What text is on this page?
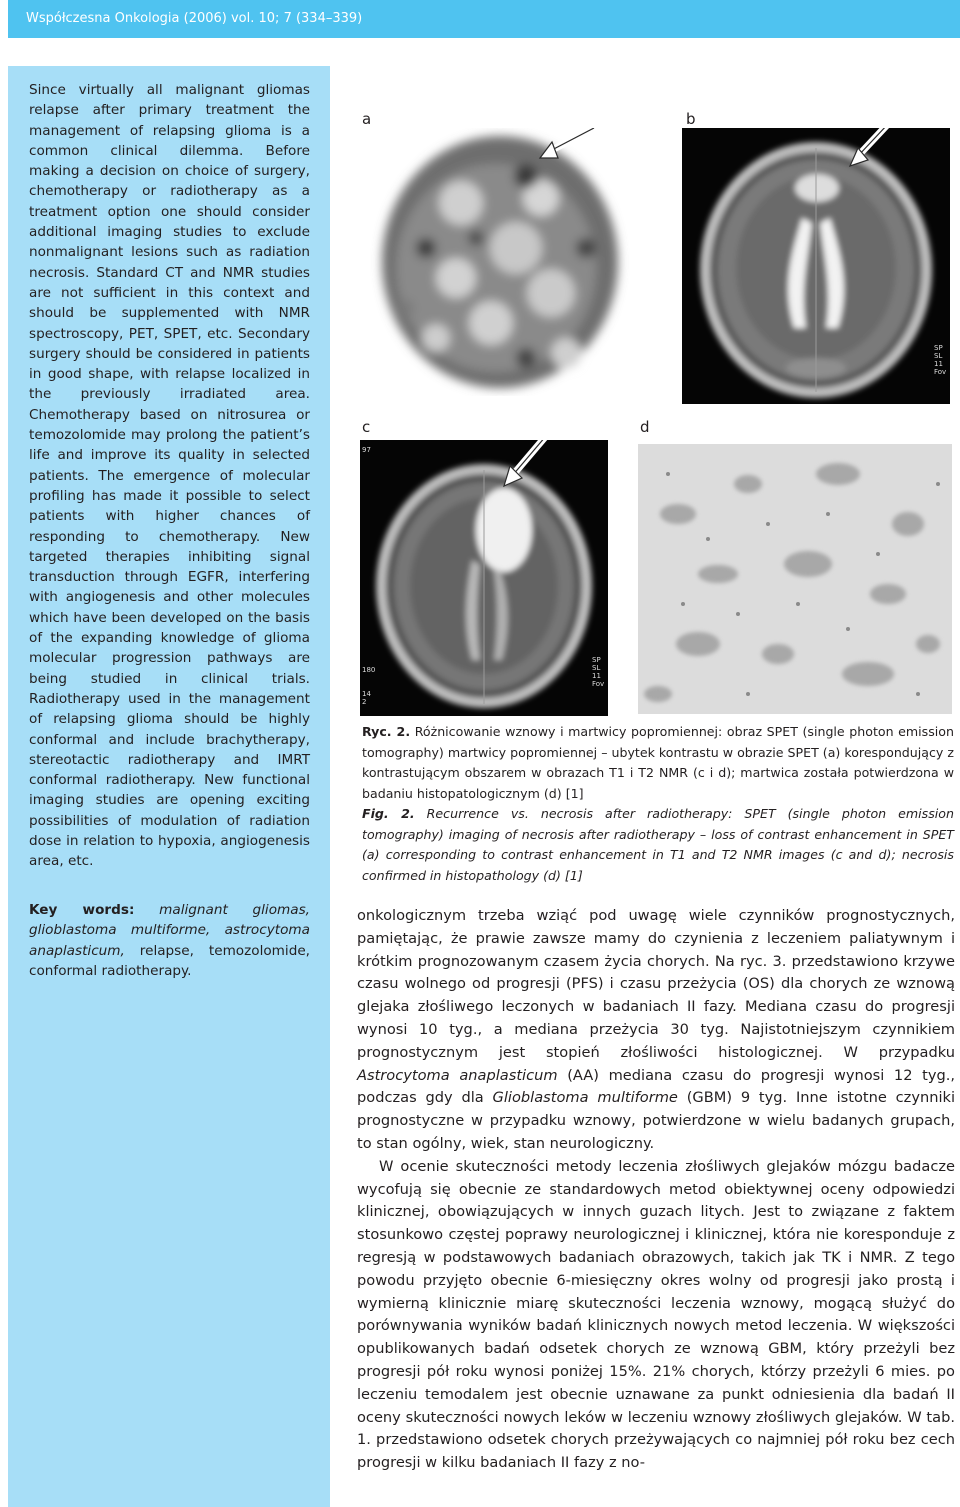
Współczesna Onkologia (2006) vol. 10; 7 (334–339)

Since virtually all malignant gliomas relapse after primary treatment the management of relapsing glioma is a common clinical dilemma. Before making a decision on choice of surgery, chemotherapy or radiotherapy as a treatment option one should consider additional imaging studies to exclude nonmalignant lesions such as radiation necrosis. Standard CT and NMR studies are not sufficient in this context and should be supplemented with NMR spectroscopy, PET, SPET, etc. Secondary surgery should be considered in patients in good shape, with relapse localized in the previously irradiated area. Chemotherapy based on nitrosurea or temozolomide may prolong the patient’s life and improve its quality in selected patients. The emergence of molecular profiling has made it possible to select patients with higher chances of responding to chemotherapy. New targeted therapies inhibiting signal transduction through EGFR, interfering with angiogenesis and other molecules which have been developed on the basis of the expanding knowledge of glioma molecular progression pathways are being studied in clinical trials. Radiotherapy used in the management of relapsing glioma should be highly conformal and include brachytherapy, stereotactic radiotherapy and IMRT conformal radiotherapy. New functional imaging studies are opening exciting possibilities of modulation of radiation dose in relation to hypoxia, angiogenesis area, etc.

Key words: malignant gliomas, glioblastoma multiforme, astrocytoma anaplasticum, relapse, temozolomide, conformal radiotherapy.

a	b
c	d
SP
SL
11
Fov
97
180
14
2
SP
SL
11
Fov

Ryc. 2. Różnicowanie wznowy i martwicy popromiennej: obraz SPET (single photon emission tomography) martwicy popromiennej – ubytek kontrastu w obrazie SPET (a) korespondujący z kontrastującym obszarem w obrazach T1 i T2 NMR (c i d); martwica została potwierdzona w badaniu histopatologicznym (d) [1]
Fig. 2. Recurrence vs. necrosis after radiotherapy: SPET (single photon emission tomography) imaging of necrosis after radiotherapy – loss of contrast enhancement in SPET (a) corresponding to contrast enhancement in T1 and T2 NMR images (c and d); necrosis confirmed in histopathology (d) [1]

onkologicznym trzeba wziąć pod uwagę wiele czynników prognostycznych, pamiętając, że prawie zawsze mamy do czynienia z leczeniem paliatywnym i krótkim prognozowanym czasem życia chorych. Na ryc. 3. przedstawiono krzywe czasu wolnego od progresji (PFS) i czasu przeżycia (OS) dla chorych ze wznową glejaka złośliwego leczonych w badaniach II fazy. Mediana czasu do progresji wynosi 10 tyg., a mediana przeżycia 30 tyg. Najistotniejszym czynnikiem prognostycznym jest stopień złośliwości histologicznej. W przypadku Astrocytoma anaplasticum (AA) mediana czasu do progresji wynosi 12 tyg., podczas gdy dla Glioblastoma multiforme (GBM) 9 tyg. Inne istotne czynniki prognostyczne w przypadku wznowy, potwierdzone w wielu badanych grupach, to stan ogólny, wiek, stan neurologiczny.

W ocenie skuteczności metody leczenia złośliwych glejaków mózgu badacze wycofują się obecnie ze standardowych metod obiektywnej oceny odpowiedzi klinicznej, obowiązujących w innych guzach litych. Jest to związane z faktem stosunkowo częstej poprawy neurologicznej i klinicznej, która nie koresponduje z regresją w podstawowych badaniach obrazowych, takich jak TK i NMR. Z tego powodu przyjęto obecnie 6-miesięczny okres wolny od progresji jako prostą i wymierną klinicznie miarę skuteczności leczenia wznowy, mogącą służyć do porównywania wyników badań klinicznych nowych metod leczenia. W większości opublikowanych badań odsetek chorych ze wznową GBM, który przeżyli bez progresji pół roku wynosi poniżej 15%. 21% chorych, którzy przeżyli 6 mies. po leczeniu temodalem jest obecnie uznawane za punkt odniesienia dla badań II oceny skuteczności nowych leków w leczeniu wznowy złośliwych glejaków. W tab. 1. przedstawiono odsetek chorych przeżywających co najmniej pół roku bez cech progresji w kilku badaniach II fazy z no-
